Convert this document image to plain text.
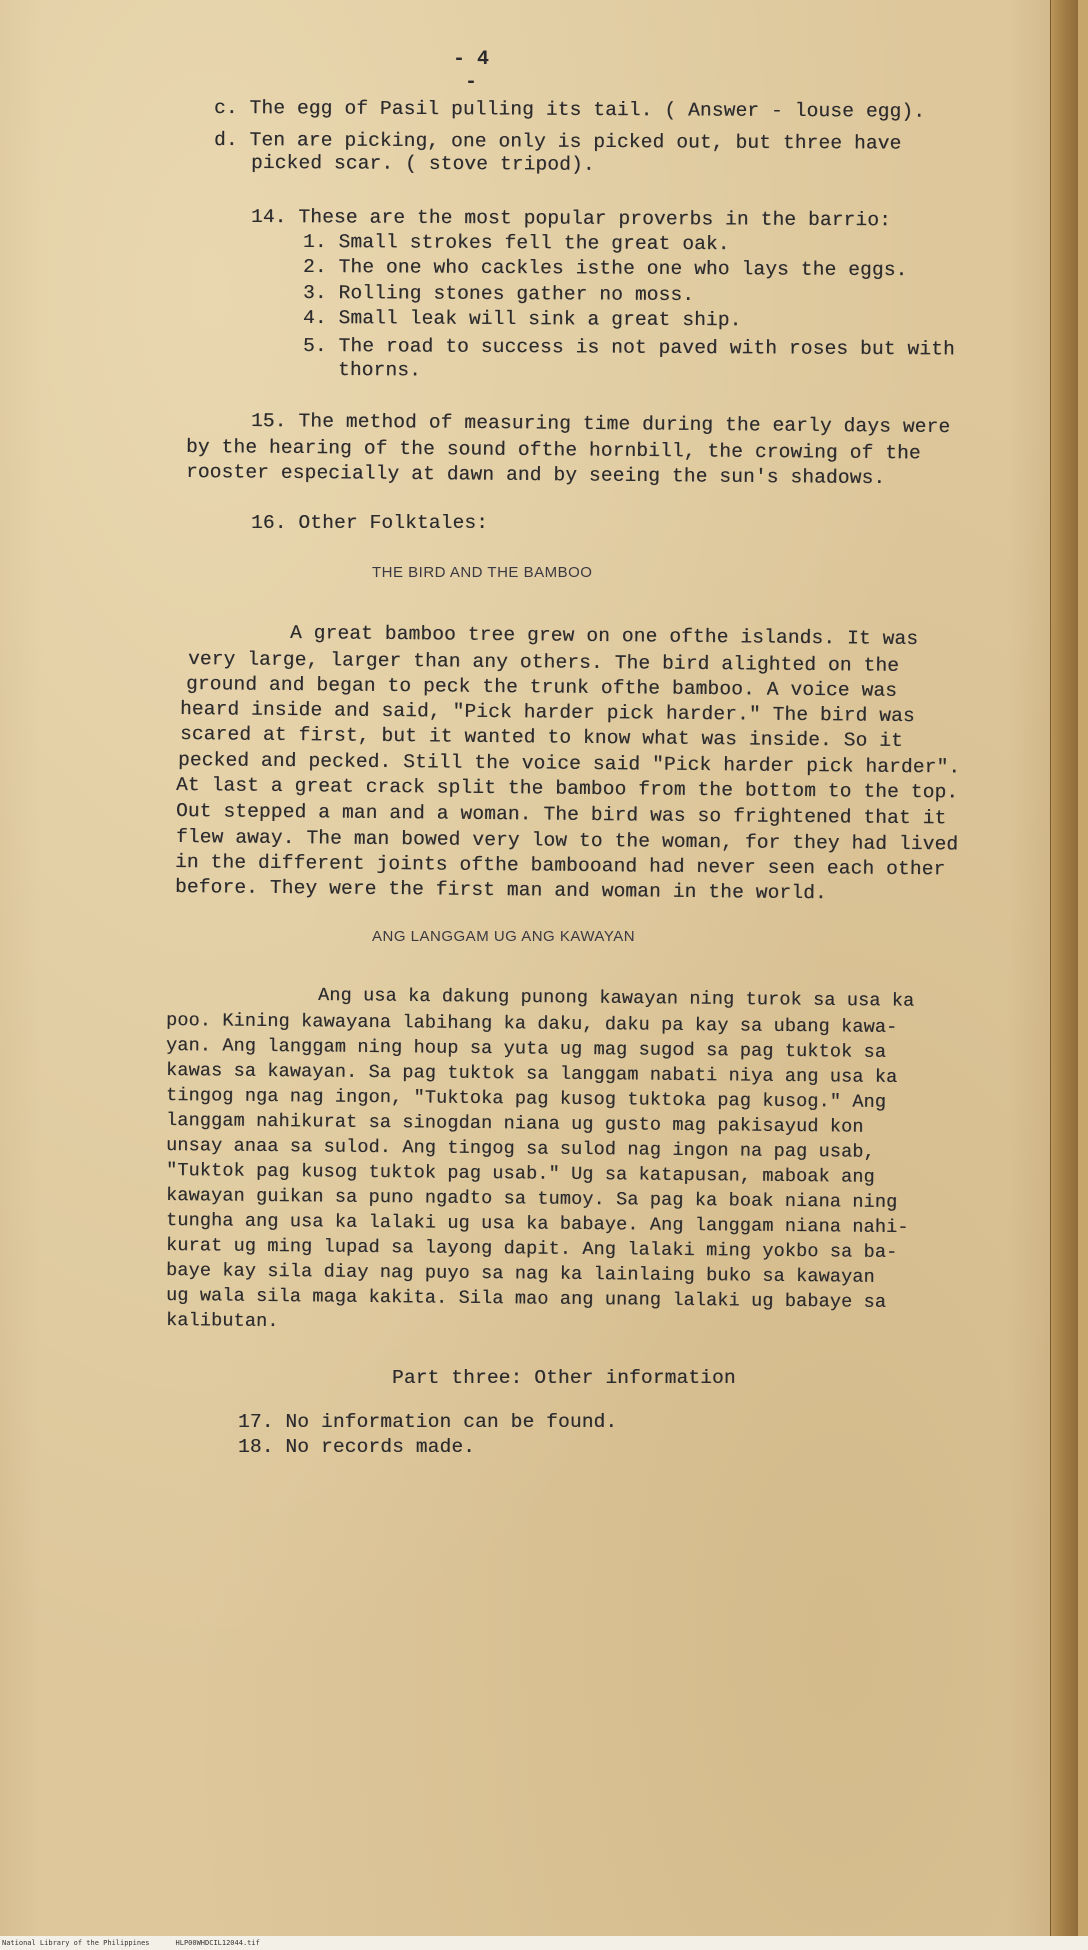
- 4 -
c. The egg of Pasil pulling its tail. ( Answer - louse egg).
d. Ten are picking, one only is picked out, but three have
picked scar. ( stove tripod).
14. These are the most popular proverbs in the barrio:
1. Small strokes fell the great oak.
2. The one who cackles isthe one who lays the eggs.
3. Rolling stones gather no moss.
4. Small leak will sink a great ship.
5. The road to success is not paved with roses but with
thorns.
15. The method of measuring time during the early days were
by the hearing of the sound ofthe hornbill, the crowing of the
rooster especially at dawn and by seeing the sun's shadows.
16. Other Folktales:
THE BIRD AND THE BAMBOO
A great bamboo tree grew on one ofthe islands. It was
very large, larger than any others. The bird alighted on the
ground and began to peck the trunk ofthe bamboo. A voice was
heard inside and said, "Pick harder pick harder." The bird was
scared at first, but it wanted to know what was inside. So it
pecked and pecked. Still the voice said "Pick harder pick harder".
At last a great crack split the bamboo from the bottom to the top.
Out stepped a man and a woman. The bird was so frightened that it
flew away. The man bowed very low to the woman, for they had lived
in the different joints ofthe bambooand had never seen each other
before. They were the first man and woman in the world.
ANG LANGGAM UG ANG KAWAYAN
Ang usa ka dakung punong kawayan ning turok sa usa ka
poo. Kining kawayana labihang ka daku, daku pa kay sa ubang kawa-
yan. Ang langgam ning houp sa yuta ug mag sugod sa pag tuktok sa
kawas sa kawayan. Sa pag tuktok sa langgam nabati niya ang usa ka
tingog nga nag ingon, "Tuktoka pag kusog tuktoka pag kusog." Ang
langgam nahikurat sa sinogdan niana ug gusto mag pakisayud kon
unsay anaa sa sulod. Ang tingog sa sulod nag ingon na pag usab,
"Tuktok pag kusog tuktok pag usab." Ug sa katapusan, maboak ang
kawayan guikan sa puno ngadto sa tumoy. Sa pag ka boak niana ning
tungha ang usa ka lalaki ug usa ka babaye. Ang langgam niana nahi-
kurat ug ming lupad sa layong dapit. Ang lalaki ming yokbo sa ba-
baye kay sila diay nag puyo sa nag ka lainlaing buko sa kawayan
ug wala sila maga kakita. Sila mao ang unang lalaki ug babaye sa
kalibutan.
Part three: Other information
17. No information can be found.
18. No records made.
National Library of the Philippines	HLP00WHDCIL12044.tif
